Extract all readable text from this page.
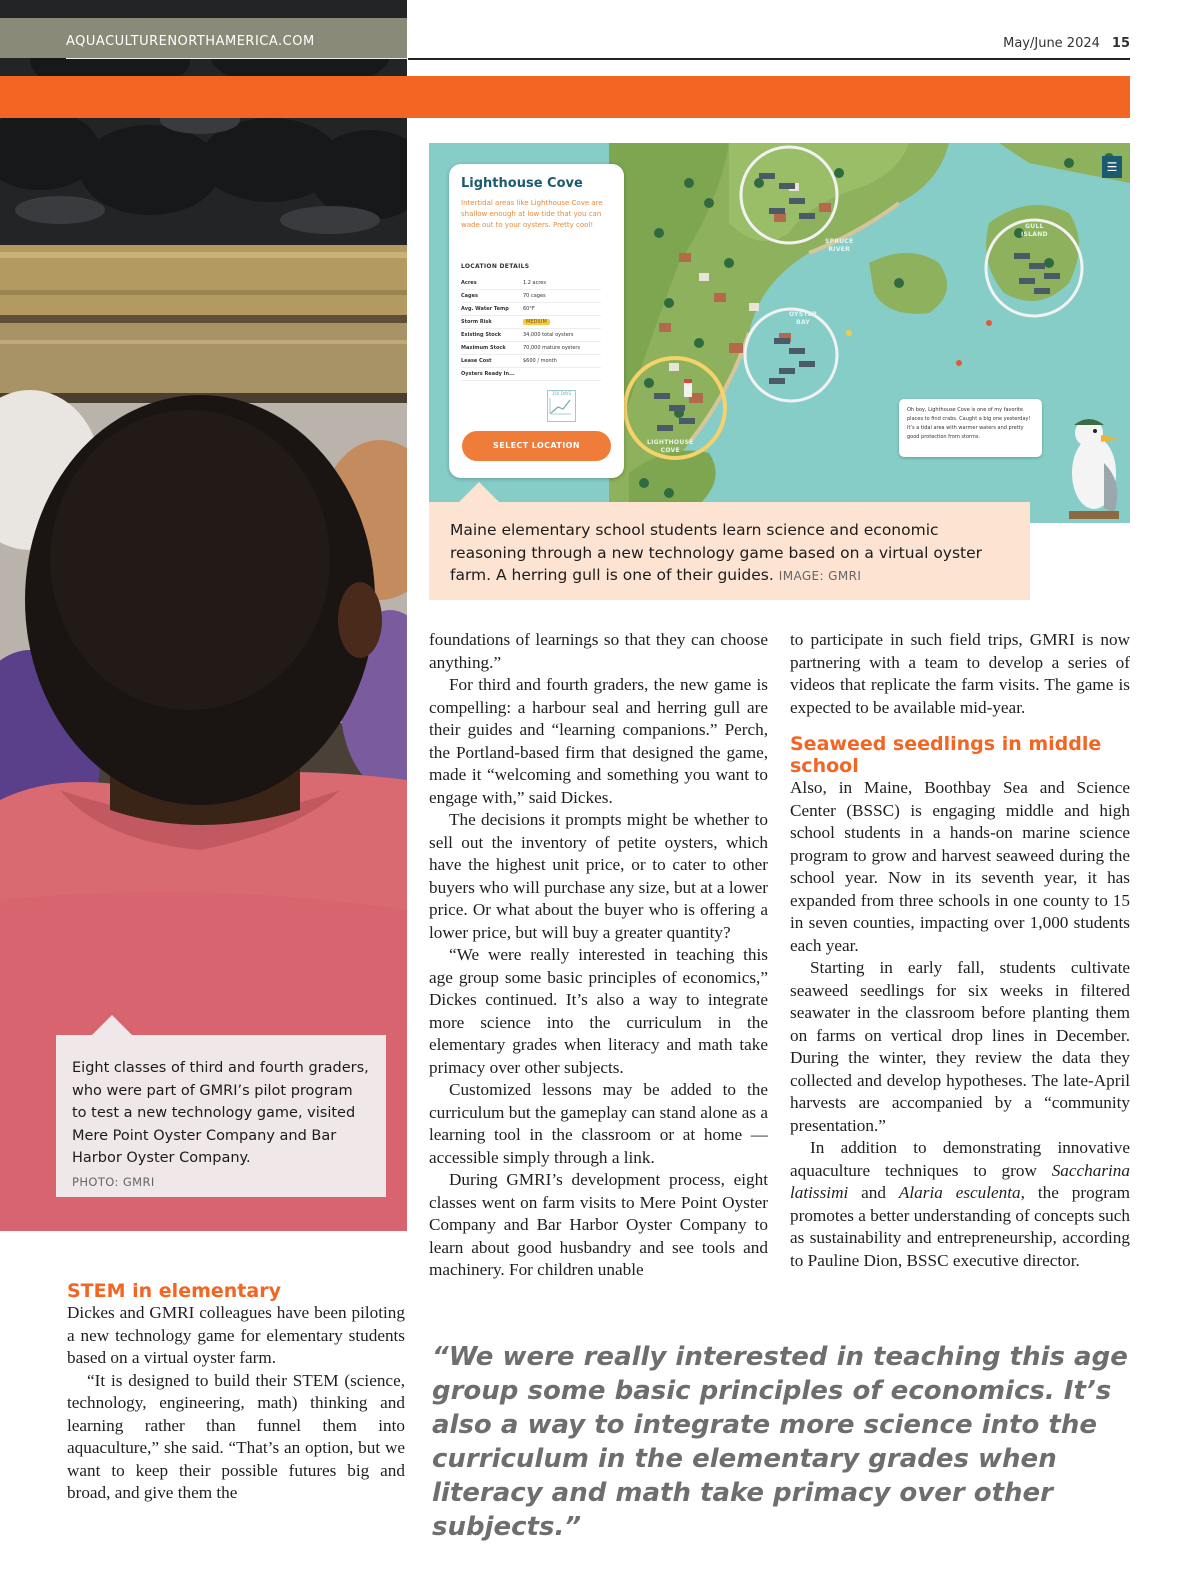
AQUACULTURENORTHAMERICA.COM	May/June 2024 15
Eight classes of third and fourth graders, who were part of GMRI’s pilot program to test a new technology game, visited Mere Point Oyster Company and Bar Harbor Oyster Company.
PHOTO: GMRI
☰
SPRUCE
RIVER
GULL
ISLAND
OYSTER
BAY
LIGHTHOUSE
COVE
Lighthouse Cove
Intertidal areas like Lighthouse Cove are shallow enough at low tide that you can wade out to your oysters. Pretty cool!
LOCATION DETAILS
Acres	1.2 acres
Cages	70 cages
Avg. Water Temp	60°F
Storm Risk	MEDIUM
Existing Stock	34,000 total oysters
Maximum Stock	70,000 mature oysters
Lease Cost	$600 / month
Oysters Ready In...	
150 DAYS
SELECT LOCATION
Oh boy, Lighthouse Cove is one of my favorite places to find crabs. Caught a big one yesterday! It’s a tidal area with warmer waters and pretty good protection from storms.
Maine elementary school students learn science and economic reasoning through a new technology game based on a virtual oyster farm. A herring gull is one of their guides. IMAGE: GMRI
STEM in elementary

Dickes and GMRI colleagues have been piloting a new technology game for elementary students based on a virtual oyster farm.

“It is designed to build their STEM (science, technology, engineering, math) thinking and learning rather than funnel them into aquaculture,” she said. “That’s an option, but we want to keep their possible futures big and broad, and give them the

foundations of learnings so that they can choose anything.”

For third and fourth graders, the new game is compelling: a harbour seal and herring gull are their guides and “learning companions.” Perch, the Portland-based firm that designed the game, made it “welcoming and something you want to engage with,” said Dickes.

The decisions it prompts might be whether to sell out the inventory of petite oysters, which have the highest unit price, or to cater to other buyers who will purchase any size, but at a lower price. Or what about the buyer who is offering a lower price, but will buy a greater quantity?

“We were really interested in teaching this age group some basic principles of economics,” Dickes continued. It’s also a way to integrate more science into the curriculum in the elementary grades when literacy and math take primacy over other subjects.

Customized lessons may be added to the curriculum but the gameplay can stand alone as a learning tool in the classroom or at home — accessible simply through a link.

During GMRI’s development process, eight classes went on farm visits to Mere Point Oyster Company and Bar Harbor Oyster Company to learn about good husbandry and see tools and machinery. For children unable

to participate in such field trips, GMRI is now partnering with a team to develop a series of videos that replicate the farm visits. The game is expected to be available mid-year.

Seaweed seedlings in middle school

Also, in Maine, Boothbay Sea and Science Center (BSSC) is engaging middle and high school students in a hands-on marine science program to grow and harvest seaweed during the school year. Now in its seventh year, it has expanded from three schools in one county to 15 in seven counties, impacting over 1,000 students each year.

Starting in early fall, students cultivate seaweed seedlings for six weeks in filtered seawater in the classroom before planting them on farms on vertical drop lines in December. During the winter, they review the data they collected and develop hypotheses. The late-April harvests are accompanied by a “community presentation.”

In addition to demonstrating innovative aquaculture techniques to grow Saccharina latissimi and Alaria esculenta, the program promotes a better understanding of concepts such as sustainability and entrepreneurship, according to Pauline Dion, BSSC executive director.

“We were really interested in teaching this age group some basic principles of economics. It’s also a way to integrate more science into the curriculum in the elementary grades when literacy and math take primacy over other subjects.”
